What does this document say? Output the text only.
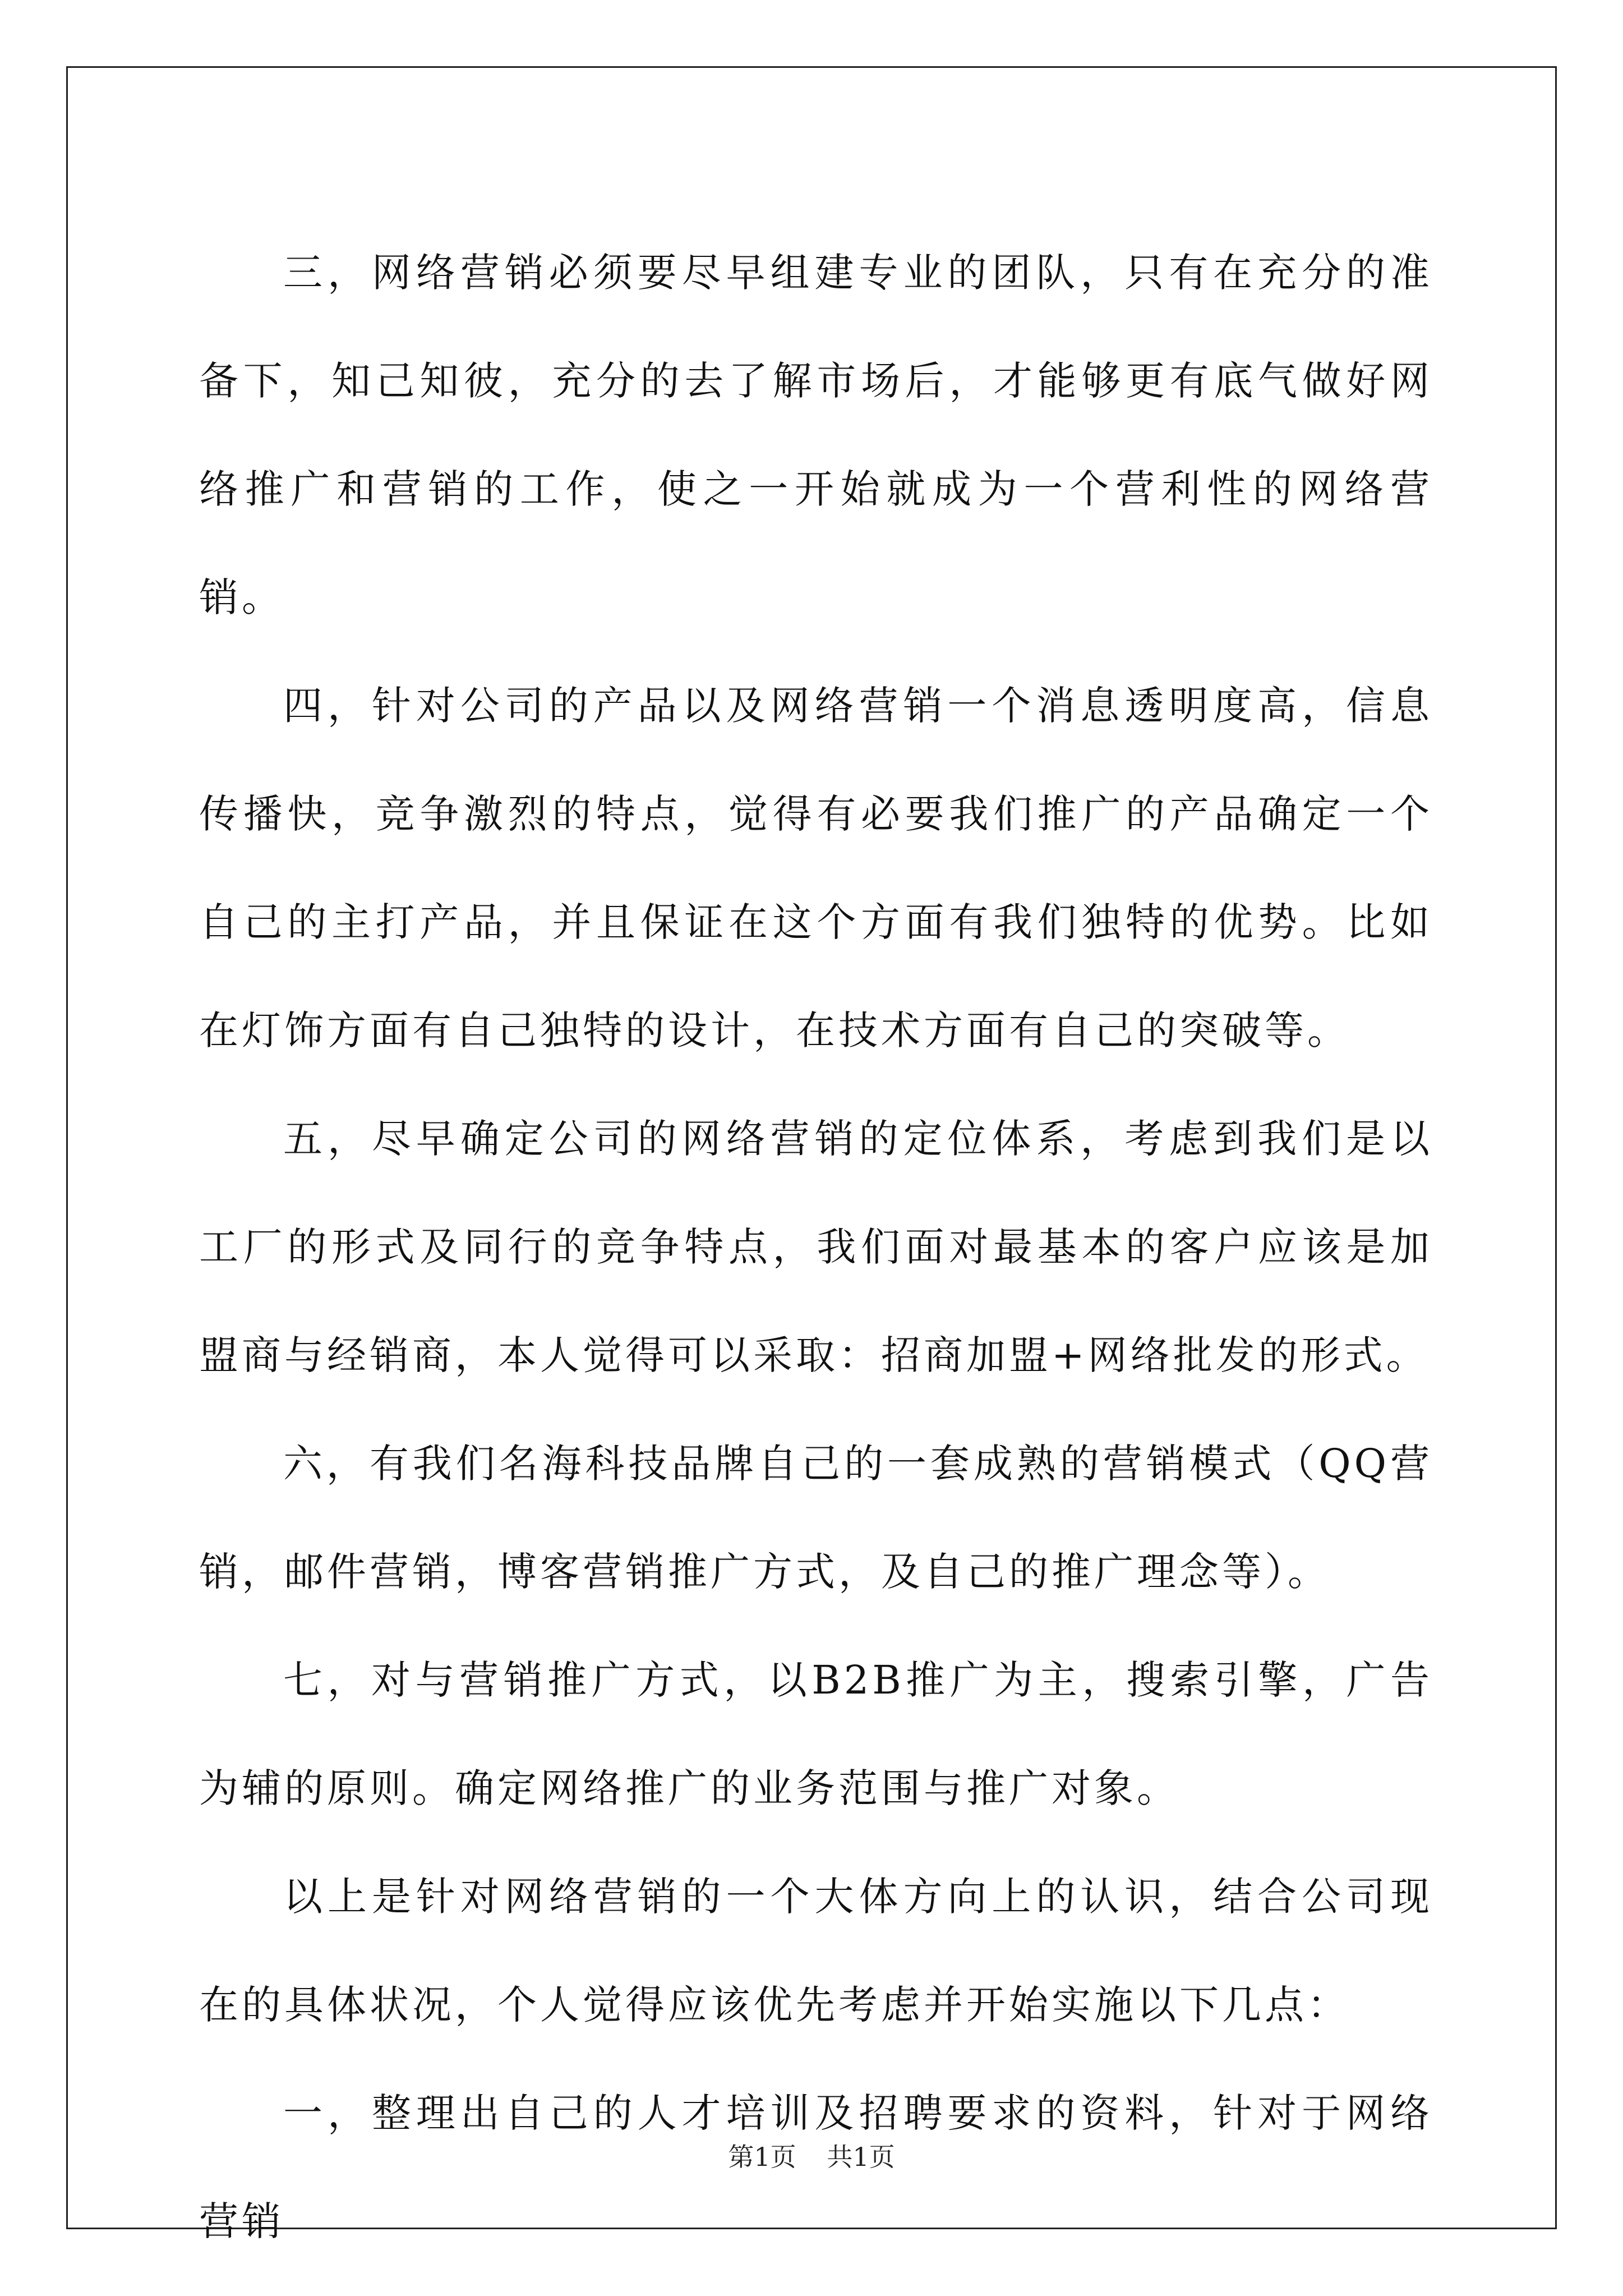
三，网络营销必须要尽早组建专业的团队，只有在充分的准备下，知己知彼，充分的去了解市场后，才能够更有底气做好网络推广和营销的工作，使之一开始就成为一个营利性的网络营销。

四，针对公司的产品以及网络营销一个消息透明度高，信息传播快，竞争激烈的特点，觉得有必要我们推广的产品确定一个自己的主打产品，并且保证在这个方面有我们独特的优势。比如在灯饰方面有自己独特的设计，在技术方面有自己的突破等。

五，尽早确定公司的网络营销的定位体系，考虑到我们是以工厂的形式及同行的竞争特点，我们面对最基本的客户应该是加盟商与经销商，本人觉得可以采取：招商加盟+网络批发的形式。

六，有我们名海科技品牌自己的一套成熟的营销模式（QQ营销，邮件营销，博客营销推广方式，及自己的推广理念等）。

七，对与营销推广方式，以B2B推广为主，搜索引擎，广告为辅的原则。确定网络推广的业务范围与推广对象。

以上是针对网络营销的一个大体方向上的认识，结合公司现在的具体状况，个人觉得应该优先考虑并开始实施以下几点：

一，整理出自己的人才培训及招聘要求的资料，针对于网络营销

第1页 共1页
